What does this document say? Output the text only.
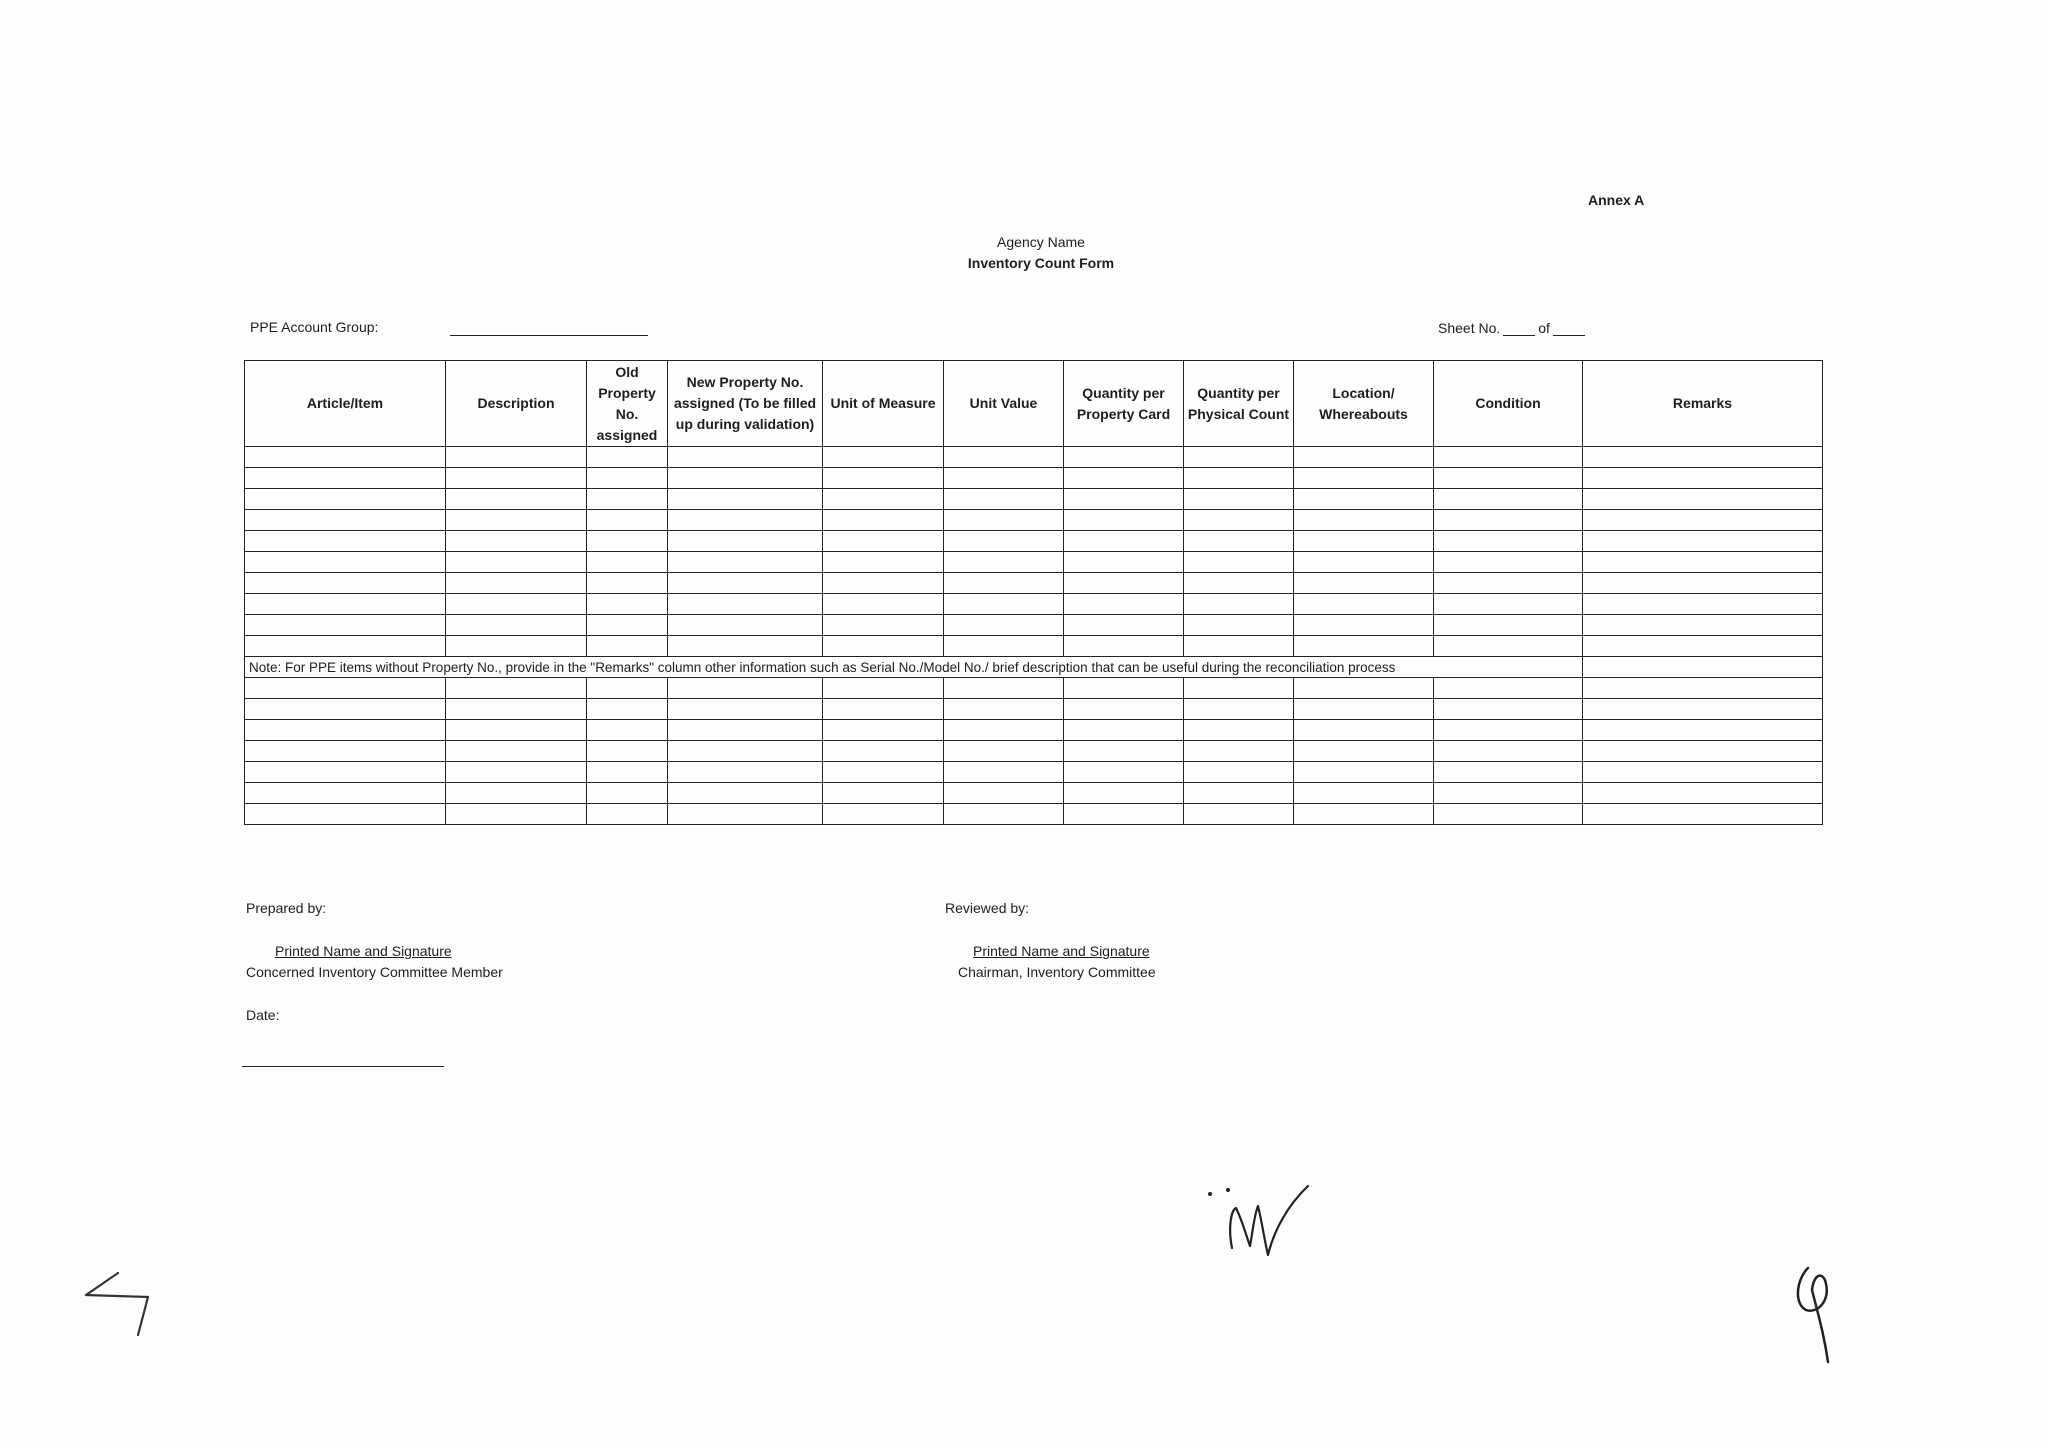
Annex A
Agency Name
Inventory Count Form
PPE Account Group:	Sheet No.	of
Article/Item	Description	Old Property No. assigned	New Property No. assigned (To be filled up during validation)	Unit of Measure	Unit Value	Quantity per Property Card	Quantity per Physical Count	Location/ Whereabouts	Condition	Remarks

Note: For PPE items without Property No., provide in the "Remarks" column other information such as Serial No./Model No./ brief description that can be useful during the reconciliation process										

Prepared by:
Printed Name and Signature
Concerned Inventory Committee Member
Date:
Reviewed by:
Printed Name and Signature
Chairman, Inventory Committee
